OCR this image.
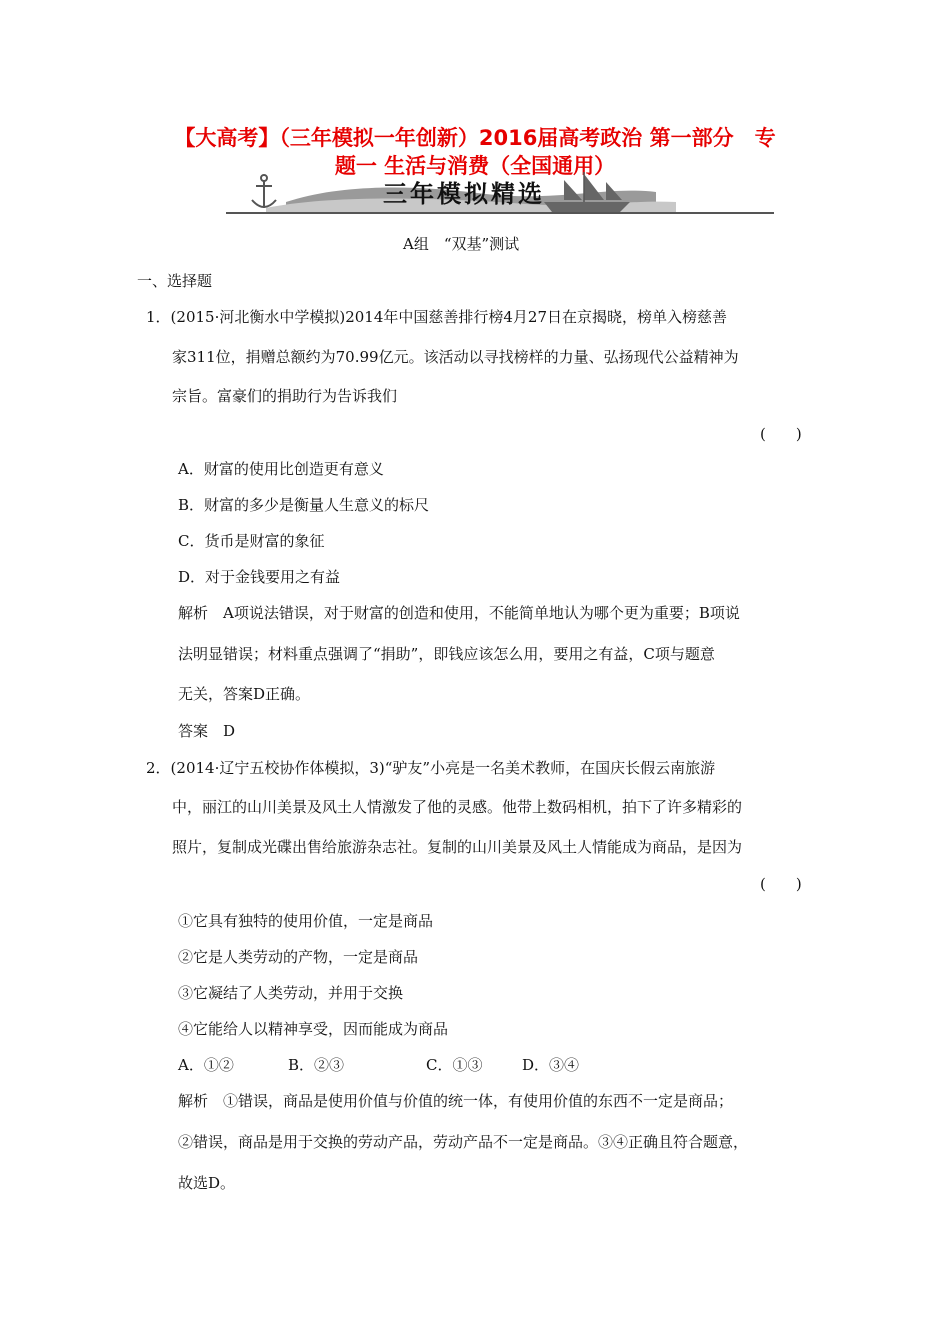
【大高考】（三年模拟一年创新）2016届高考政治 第一部分　专
题一 生活与消费（全国通用）
三年模拟精选
A组　“双基”测试
一、选择题
1．(2015·河北衡水中学模拟)2014年中国慈善排行榜4月27日在京揭晓，榜单入榜慈善
家311位，捐赠总额约为70.99亿元。该活动以寻找榜样的力量、弘扬现代公益精神为
宗旨。富豪们的捐助行为告诉我们
(　　)
A．财富的使用比创造更有意义
B．财富的多少是衡量人生意义的标尺
C．货币是财富的象征
D．对于金钱要用之有益
解析　A项说法错误，对于财富的创造和使用，不能简单地认为哪个更为重要；B项说
法明显错误；材料重点强调了“捐助”，即钱应该怎么用，要用之有益，C项与题意
无关，答案D正确。
答案　D
2．(2014·辽宁五校协作体模拟，3)“驴友”小亮是一名美术教师，在国庆长假云南旅游
中，丽江的山川美景及风土人情激发了他的灵感。他带上数码相机，拍下了许多精彩的
照片，复制成光碟出售给旅游杂志社。复制的山川美景及风土人情能成为商品，是因为
(　　)
①它具有独特的使用价值，一定是商品
②它是人类劳动的产物，一定是商品
③它凝结了人类劳动，并用于交换
④它能给人以精神享受，因而能成为商品
A．①②	B．②③	C．①③	D．③④
解析　①错误，商品是使用价值与价值的统一体，有使用价值的东西不一定是商品；
②错误，商品是用于交换的劳动产品，劳动产品不一定是商品。③④正确且符合题意，
故选D。
